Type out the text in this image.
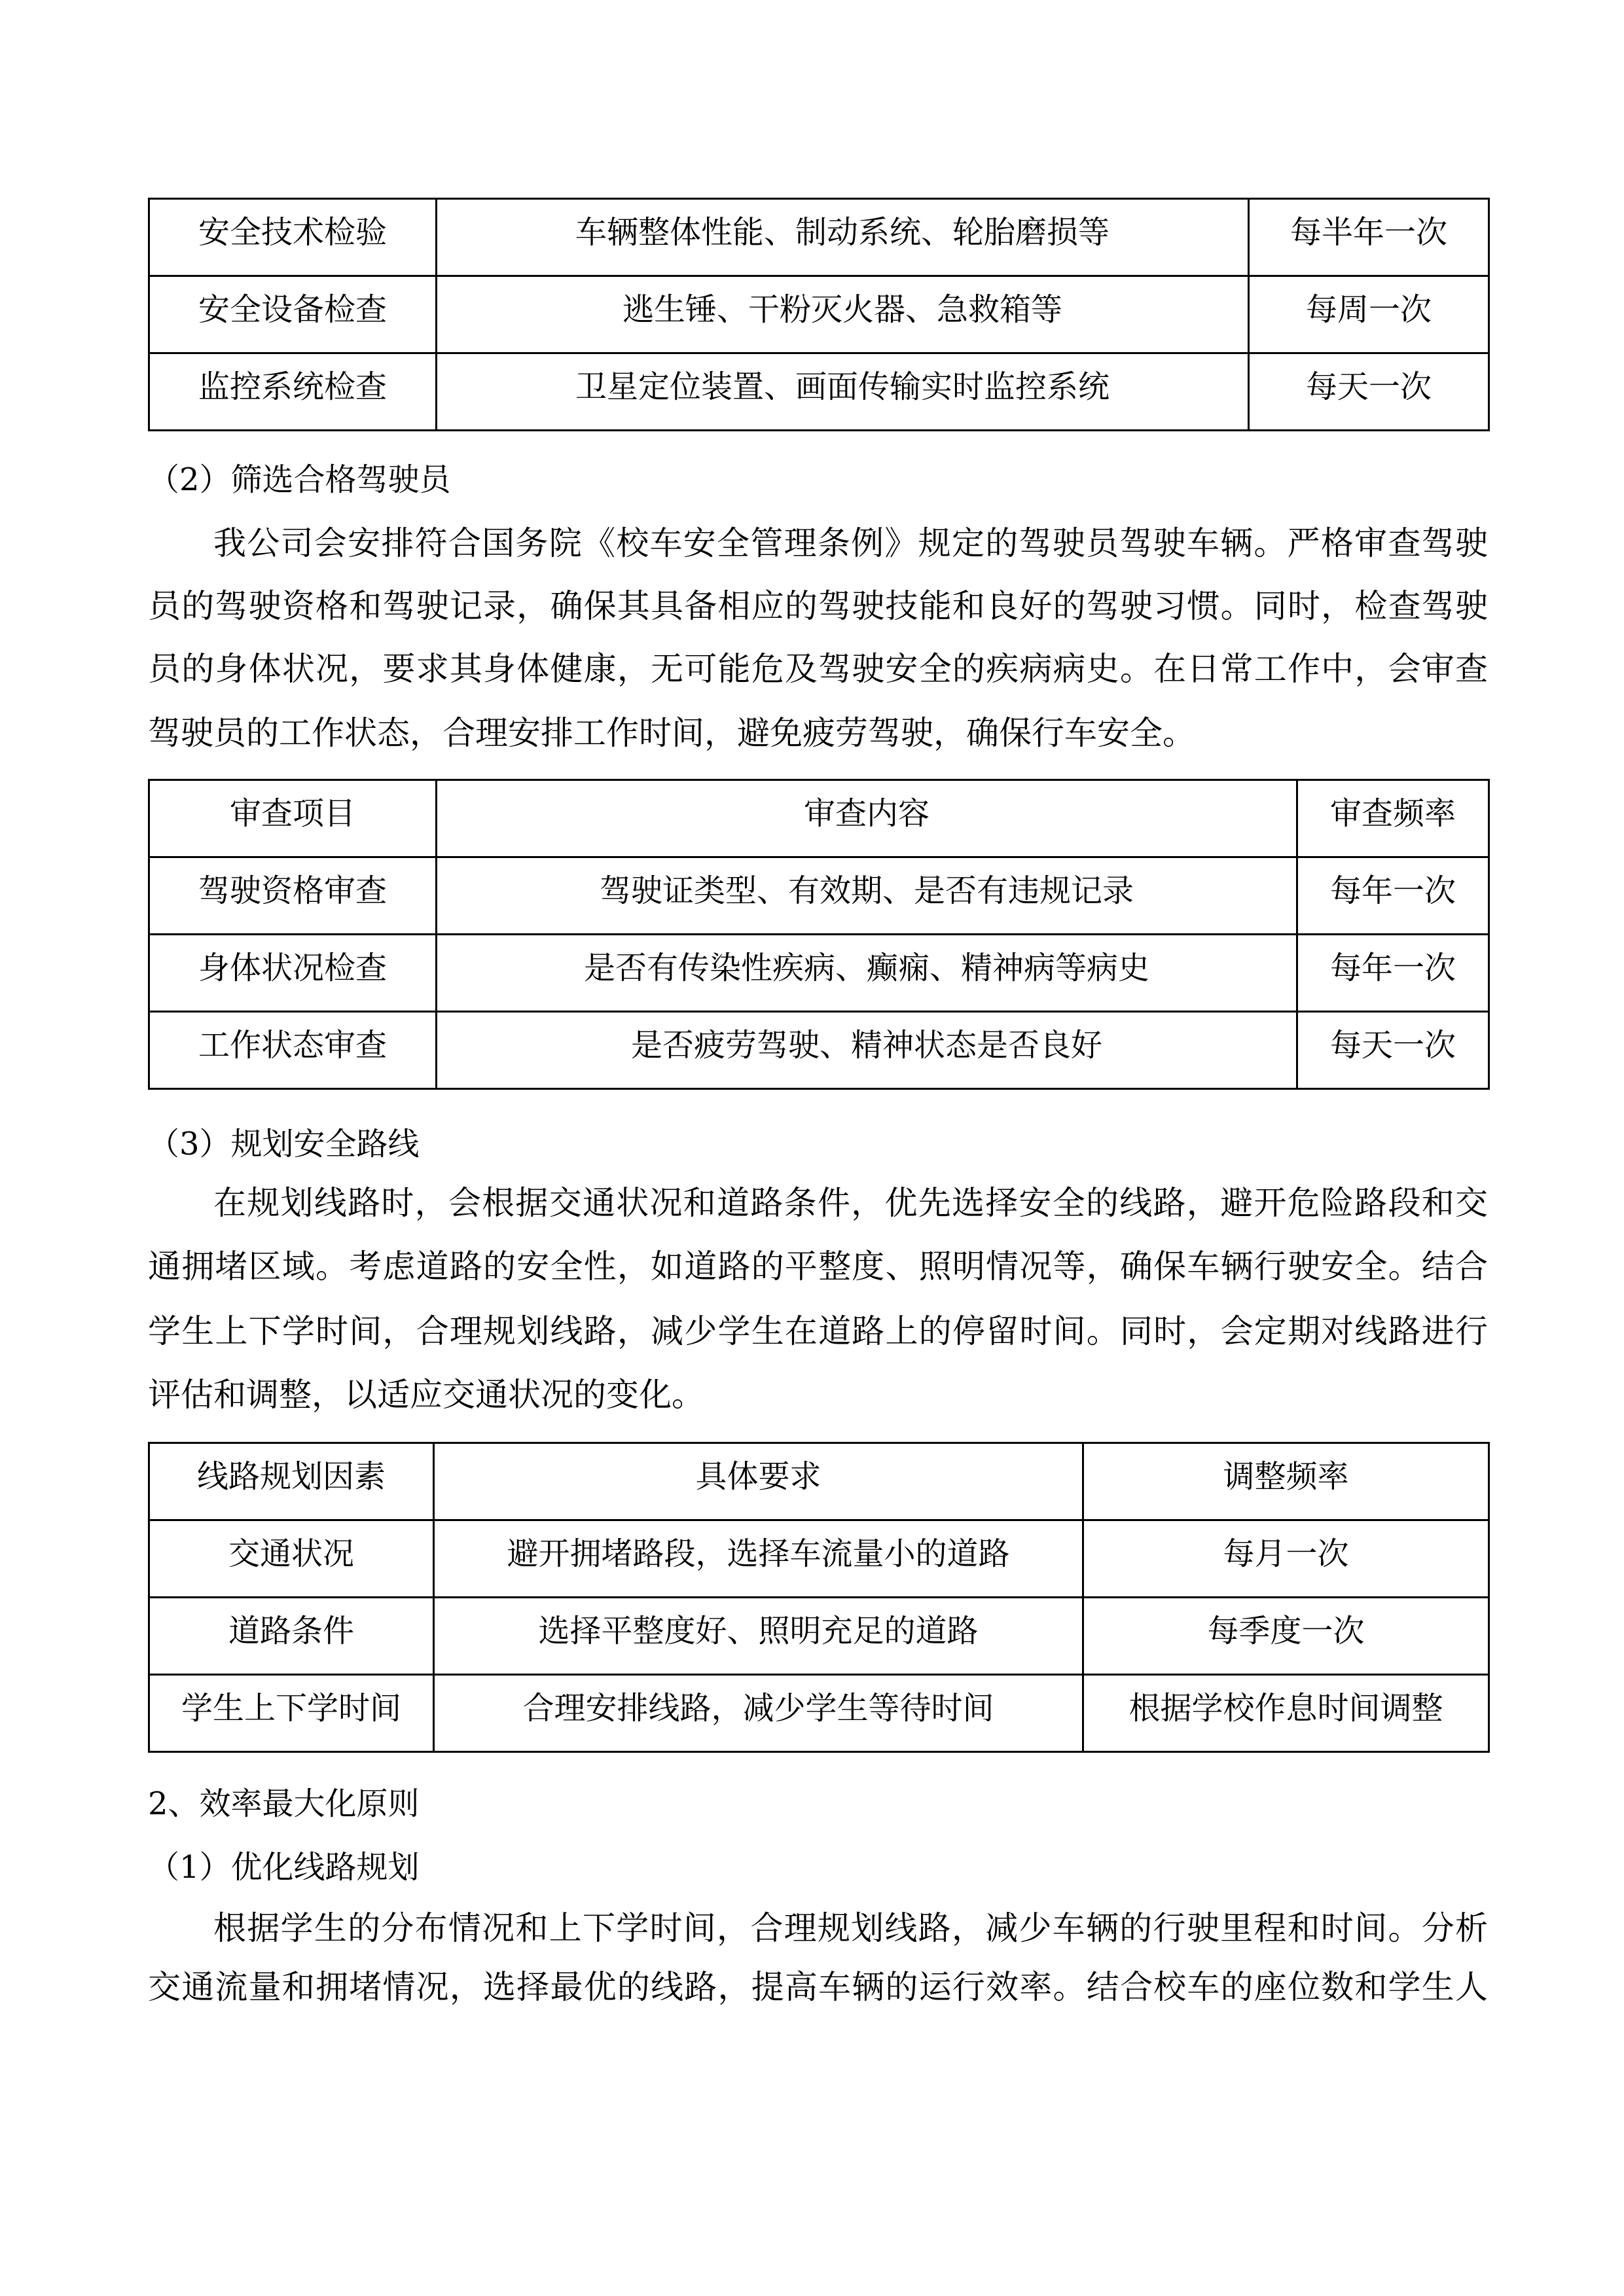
安全技术检验	车辆整体性能、制动系统、轮胎磨损等	每半年一次
安全设备检查	逃生锤、干粉灭火器、急救箱等	每周一次
监控系统检查	卫星定位装置、画面传输实时监控系统	每天一次
（2）筛选合格驾驶员
我公司会安排符合国务院《校车安全管理条例》规定的驾驶员驾驶车辆。严格审查驾驶
员的驾驶资格和驾驶记录，确保其具备相应的驾驶技能和良好的驾驶习惯。同时，检查驾驶
员的身体状况，要求其身体健康，无可能危及驾驶安全的疾病病史。在日常工作中，会审查
驾驶员的工作状态，合理安排工作时间，避免疲劳驾驶，确保行车安全。
审查项目	审查内容	审查频率
驾驶资格审查	驾驶证类型、有效期、是否有违规记录	每年一次
身体状况检查	是否有传染性疾病、癫痫、精神病等病史	每年一次
工作状态审查	是否疲劳驾驶、精神状态是否良好	每天一次
（3）规划安全路线
在规划线路时，会根据交通状况和道路条件，优先选择安全的线路，避开危险路段和交
通拥堵区域。考虑道路的安全性，如道路的平整度、照明情况等，确保车辆行驶安全。结合
学生上下学时间，合理规划线路，减少学生在道路上的停留时间。同时，会定期对线路进行
评估和调整，以适应交通状况的变化。
线路规划因素	具体要求	调整频率
交通状况	避开拥堵路段，选择车流量小的道路	每月一次
道路条件	选择平整度好、照明充足的道路	每季度一次
学生上下学时间	合理安排线路，减少学生等待时间	根据学校作息时间调整
2、效率最大化原则
（1）优化线路规划
根据学生的分布情况和上下学时间，合理规划线路，减少车辆的行驶里程和时间。分析
交通流量和拥堵情况，选择最优的线路，提高车辆的运行效率。结合校车的座位数和学生人
